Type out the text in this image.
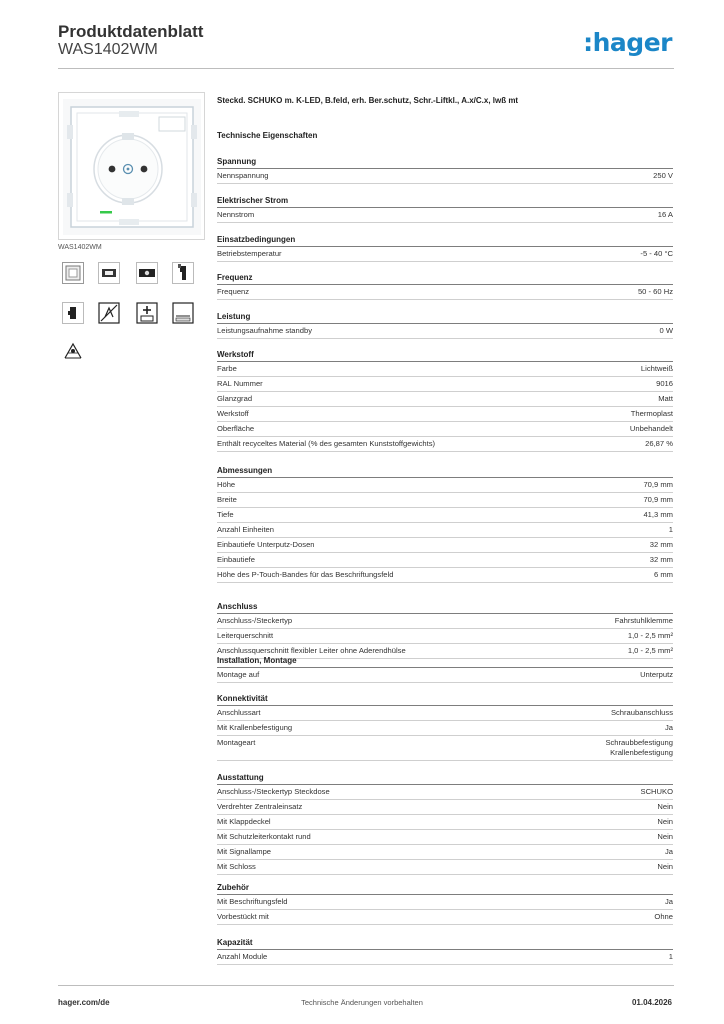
Produktdatenblatt
WAS1402WM	:hager
WAS1402WM
Steckd. SCHUKO m. K-LED, B.feld, erh. Ber.schutz, Schr.-Liftkl., A.x/C.x, lwß mt
Technische Eigenschaften
Spannung
Nennspannung	250 V
Elektrischer Strom
Nennstrom	16 A
Einsatzbedingungen
Betriebstemperatur	-5 - 40 °C
Frequenz
Frequenz	50 - 60 Hz
Leistung
Leistungsaufnahme standby	0 W
Werkstoff
Farbe	Lichtweiß
RAL Nummer	9016
Glanzgrad	Matt
Werkstoff	Thermoplast
Oberfläche	Unbehandelt
Enthält recyceltes Material (% des gesamten Kunststoffgewichts)	26,87 %
Abmessungen
Höhe	70,9 mm
Breite	70,9 mm
Tiefe	41,3 mm
Anzahl Einheiten	1
Einbautiefe Unterputz-Dosen	32 mm
Einbautiefe	32 mm
Höhe des P-Touch-Bandes für das Beschriftungsfeld	6 mm
Anschluss
Anschluss-/Steckertyp	Fahrstuhlklemme
Leiterquerschnitt	1,0 - 2,5 mm²
Anschlussquerschnitt flexibler Leiter ohne Aderendhülse	1,0 - 2,5 mm²
Installation, Montage
Montage auf	Unterputz
Konnektivität
Anschlussart	Schraubanschluss
Mit Krallenbefestigung	Ja
Montageart	Schraubbefestigung
Krallenbefestigung
Ausstattung
Anschluss-/Steckertyp Steckdose	SCHUKO
Verdrehter Zentraleinsatz	Nein
Mit Klappdeckel	Nein
Mit Schutzleiterkontakt rund	Nein
Mit Signallampe	Ja
Mit Schloss	Nein
Zubehör
Mit Beschriftungsfeld	Ja
Vorbestückt mit	Ohne
Kapazität
Anzahl Module	1
hager.com/de	Technische Änderungen vorbehalten	01.04.2026
